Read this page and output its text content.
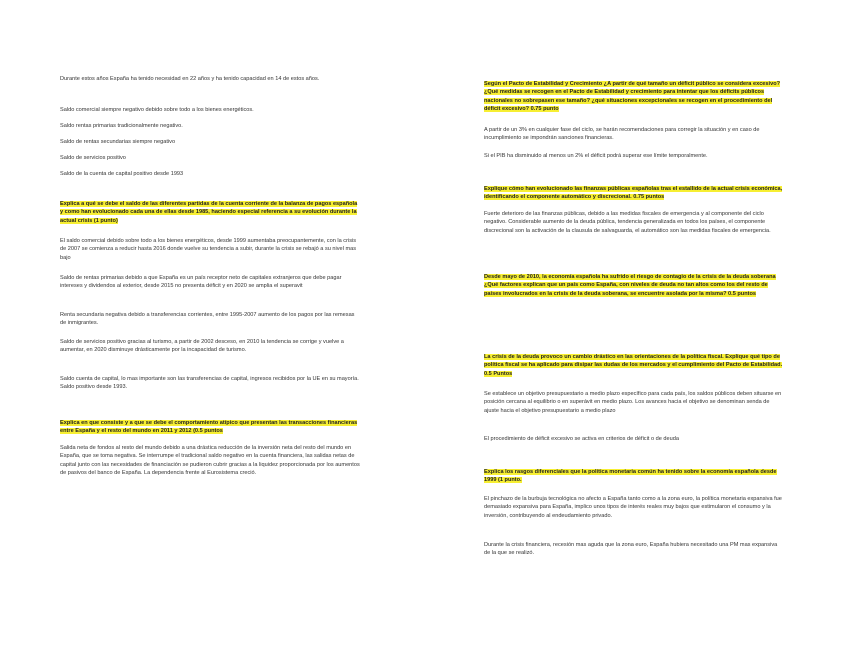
Durante estos años España ha tenido necesidad en 22 años y ha tenido capacidad en 14 de estos años.

Saldo comercial siempre negativo debido sobre todo a los bienes energéticos.

Saldo rentas primarias tradicionalmente negativo.

Saldo de rentas secundarias siempre negativo

Saldo de servicios positivo

Saldo de la cuenta de capital positivo desde 1993

Explica a qué se debe el saldo de las diferentes partidas de la cuenta corriente de la balanza de pagos española y como han evolucionado cada una de ellas desde 1985, haciendo especial referencia a su evolución durante la actual crisis (1 punto)

El saldo comercial debido sobre todo a los bienes energéticos, desde 1999 aumentaba preocupantemente, con la crisis de 2007 se comienza a reducir hasta 2016 donde vuelve su tendencia a subir, durante la crisis se rebajó a su nivel mas bajo

Saldo de rentas primarias debido a que España es un país receptor neto de capitales extranjeros que debe pagar intereses y dividendos al exterior, desde 2015 no presenta déficit y en 2020 se amplia el superavit

Renta secundaria negativa debido a transferencias corrientes, entre 1995-2007 aumento de los pagos por las remesas de inmigrantes.

Saldo de servicios positivo gracias al turismo, a partir de 2002 desceso, en 2010 la tendencia se corrige y vuelve a aumentar, en 2020 disminuye drásticamente por la incapacidad de turismo.

Saldo cuenta de capital, lo mas importante son las transferencias de capital, ingresos recibidos por la UE en su mayoría. Saldo positivo desde 1993.

Explica en que consiste y a que se debe el comportamiento atípico que presentan las transacciones financieras entre España y el resto del mundo en 2011 y 2012 (0.5 puntos

Salida neta de fondos al resto del mundo debido a una drástica reducción de la inversión neta del resto del mundo en España, que se toma negativa. Se interrumpe el tradicional saldo negativo en la cuenta financiera, las salidas netas de capital junto con las necesidades de financiación se pudieron cubrir gracias a la liquidez proporcionada por los aumentos de pasivos del banco de España. La dependencia frente al Eurosistema creció.

Según el Pacto de Estabilidad y Crecimiento ¿A partir de qué tamaño un déficit público se considera excesivo? ¿Qué medidas se recogen en el Pacto de Estabilidad y crecimiento para intentar que los déficits públicos nacionales no sobrepasen ese tamaño? ¿qué situaciones excepcionales se recogen en el procedimiento del déficit excesivo? 0.75 punto

A partir de un 3% en cualquier fase del ciclo, se harán recomendaciones para corregir la situación y en caso de incumplimiento se impondrán sanciones financieras.

Si el PIB ha disminuido al menos un 2% el déficit podrá superar ese límite temporalmente.

Explique cómo han evolucionado las finanzas públicas españolas tras el estallido de la actual crisis económica, identificando el componente automático y discrecional. 0.75 puntos

Fuerte deterioro de las finanzas públicas, debido a las medidas fiscales de emergencia y al componente del ciclo negativo. Considerable aumento de la deuda pública, tendencia generalizada en todos los países, el componente discrecional son la activación de la clausula de salvaguarda, el automático son las medidas fiscales de emergencia.

Desde mayo de 2010, la economía española ha sufrido el riesgo de contagio de la crisis de la deuda soberana ¿Qué factores explican que un país como España, con niveles de deuda no tan altos como los del resto de países involucrados en la crisis de la deuda soberana, se encuentre asolada por la misma? 0.5 puntos

La crisis de la deuda provoco un cambio drástico en las orientaciones de la política fiscal. Explique qué tipo de política fiscal se ha aplicado para disipar las dudas de los mercados y el cumplimiento del Pacto de Estabilidad. 0.5 Puntos

Se establece un objetivo presupuestario a medio plazo específico para cada país, los saldos públicos deben situarse en posición cercana al equilibrio o en superávit en medio plazo. Los avances hacia el objetivo se denominan senda de ajuste hacia el objetivo presupuestario a medio plazo

El procedimiento de déficit excesivo se activa en criterios de déficit o de deuda

Explica los rasgos diferenciales que la política monetaria común ha tenido sobre la economía española desde 1999 (1 punto.

El pinchazo de la burbuja tecnológica no afecto a España tanto como a la zona euro, la política monetaria expansiva fue demasiado expansiva para España, implico unos tipos de interés reales muy bajos que estimularon el consumo y la inversión, contribuyendo al endeudamiento privado.

Durante la crisis financiera, recesión mas aguda que la zona euro, España hubiera necesitado una PM mas expansiva de la que se realizó.
